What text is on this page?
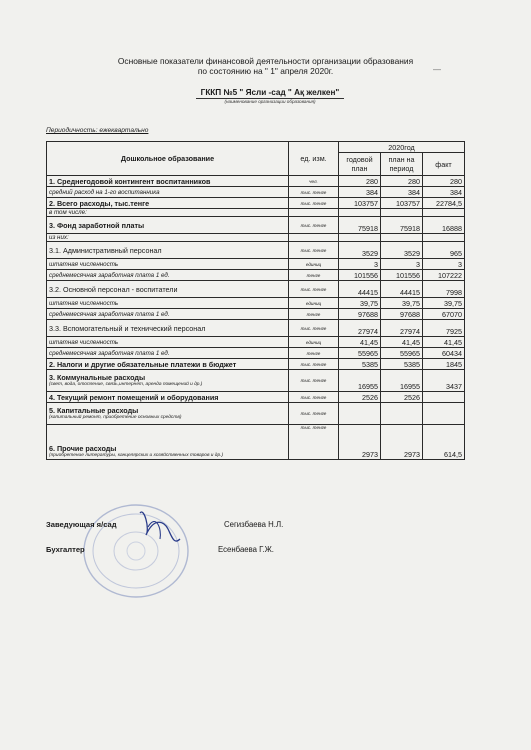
Основные показатели финансовой деятельности организации образования
по состоянию на " 1" апреля 2020г.	—
ГККП №5 " Ясли -сад " Ақ желкен"
(наименование организации образования)
Периодичность: ежеквартально
Дошкольное образование	ед. изм.	2020год		
		годовой план	план на период	факт

1. Среднегодовой контингент воспитанников	чел.	280	280	280

средний расход на 1-го воспитанника	тыс. тенге	384	384	384

2. Всего расходы, тыс.тенге	тыс. тенге	103757	103757	22784,5

в том числе:				

3. Фонд заработной платы	тыс. тенге	75918	75918	16888

из них:				

3.1. Административный персонал	тыс. тенге	3529	3529	965

штатная численность	единиц	3	3	3

среднемесячная заработная плата 1 ед.	тенге	101556	101556	107222

3.2. Основной персонал - воспитатели	тыс. тенге	44415	44415	7998

штатная численность	единиц	39,75	39,75	39,75

среднемесячная заработная плата 1 ед.	тенге	97688	97688	67070

3.3. Вспомогательный и технический персонал	тыс. тенге	27974	27974	7925

штатная численность	единиц	41,45	41,45	41,45

среднемесячная заработная плата 1 ед.	тенге	55965	55965	60434

2. Налоги и другие обязательные платежи в бюджет	тыс. тенге	5385	5385	1845

3. Коммунальные расходы
(свет, вода, отопление, связь,интернет, аренда помещений и др.)	тыс. тенге	16955	16955	3437

4. Текущий ремонт помещений и оборудования	тыс. тенге	2526	2526	

5. Капитальные расходы
(капитальный ремонт, приобретение основных средств)	тыс. тенге			

6. Прочие расходы
(приобретение литературы, канцелярских и хозяйственных товаров и др.)	тыс. тенге	2973	2973	614,5
Заведующая я/сад	Сегизбаева Н.Л.
Бухгалтер	Есенбаева Г.Ж.
